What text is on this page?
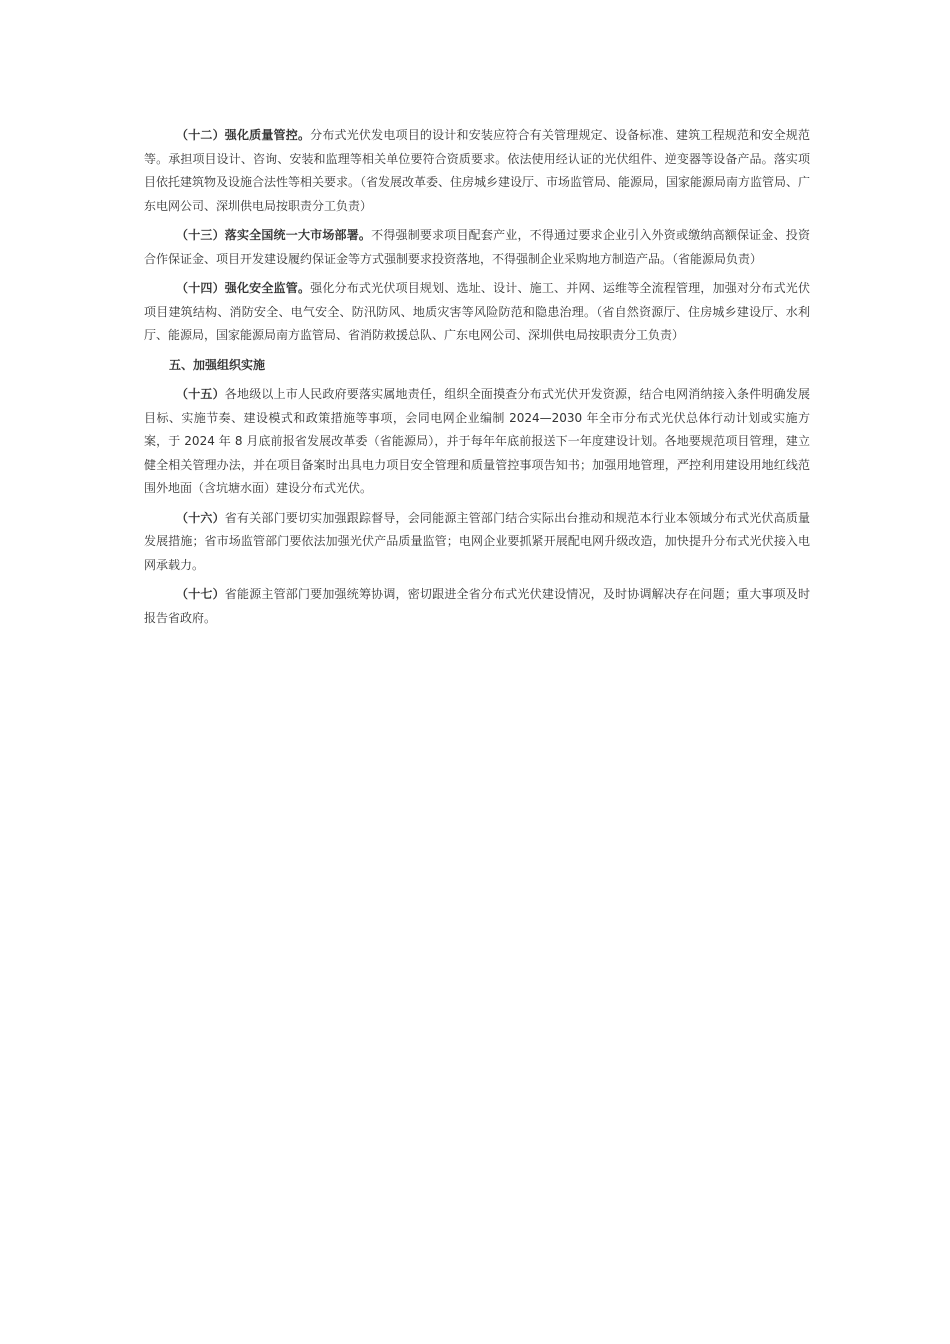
（十二）强化质量管控。分布式光伏发电项目的设计和安装应符合有关管理规定、设备标准、建筑工程规范和安全规范等。承担项目设计、咨询、安装和监理等相关单位要符合资质要求。依法使用经认证的光伏组件、逆变器等设备产品。落实项目依托建筑物及设施合法性等相关要求。（省发展改革委、住房城乡建设厅、市场监管局、能源局，国家能源局南方监管局、广东电网公司、深圳供电局按职责分工负责）

（十三）落实全国统一大市场部署。不得强制要求项目配套产业，不得通过要求企业引入外资或缴纳高额保证金、投资合作保证金、项目开发建设履约保证金等方式强制要求投资落地，不得强制企业采购地方制造产品。（省能源局负责）

（十四）强化安全监管。强化分布式光伏项目规划、选址、设计、施工、并网、运维等全流程管理，加强对分布式光伏项目建筑结构、消防安全、电气安全、防汛防风、地质灾害等风险防范和隐患治理。（省自然资源厅、住房城乡建设厅、水利厅、能源局，国家能源局南方监管局、省消防救援总队、广东电网公司、深圳供电局按职责分工负责）

五、加强组织实施

（十五）各地级以上市人民政府要落实属地责任，组织全面摸查分布式光伏开发资源，结合电网消纳接入条件明确发展目标、实施节奏、建设模式和政策措施等事项，会同电网企业编制 2024—2030 年全市分布式光伏总体行动计划或实施方案，于 2024 年 8 月底前报省发展改革委（省能源局），并于每年年底前报送下一年度建设计划。各地要规范项目管理，建立健全相关管理办法，并在项目备案时出具电力项目安全管理和质量管控事项告知书；加强用地管理，严控利用建设用地红线范围外地面（含坑塘水面）建设分布式光伏。

（十六）省有关部门要切实加强跟踪督导，会同能源主管部门结合实际出台推动和规范本行业本领域分布式光伏高质量发展措施；省市场监管部门要依法加强光伏产品质量监管；电网企业要抓紧开展配电网升级改造，加快提升分布式光伏接入电网承载力。

（十七）省能源主管部门要加强统筹协调，密切跟进全省分布式光伏建设情况，及时协调解决存在问题；重大事项及时报告省政府。
